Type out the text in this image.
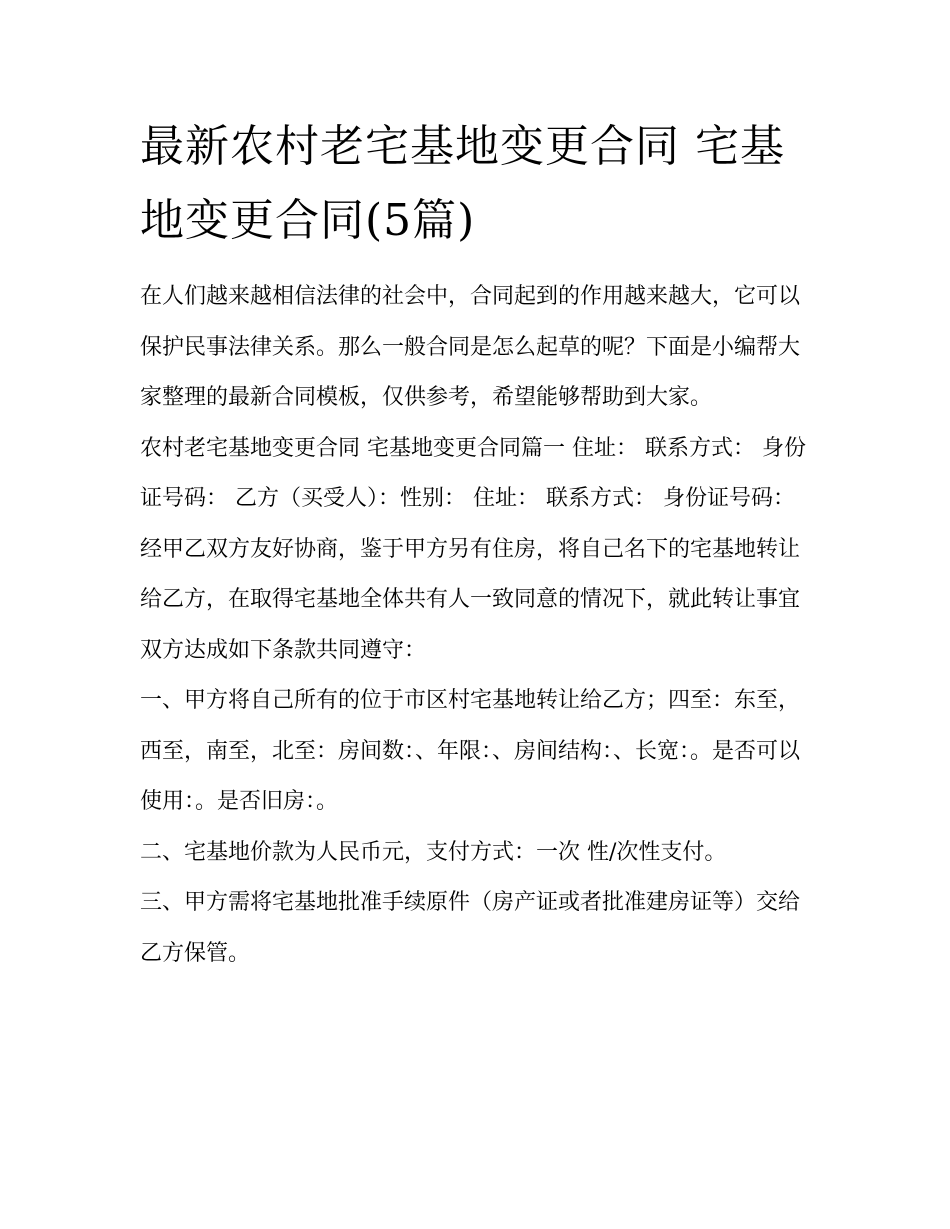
最新农村老宅基地变更合同 宅基地变更合同(5篇)

在人们越来越相信法律的社会中，合同起到的作用越来越大，它可以保护民事法律关系。那么一般合同是怎么起草的呢？下面是小编帮大家整理的最新合同模板，仅供参考，希望能够帮助到大家。

农村老宅基地变更合同 宅基地变更合同篇一 住址： 联系方式： 身份证号码： 乙方（买受人）：性别： 住址： 联系方式： 身份证号码：

经甲乙双方友好协商，鉴于甲方另有住房，将自己名下的宅基地转让给乙方，在取得宅基地全体共有人一致同意的情况下，就此转让事宜双方达成如下条款共同遵守：

一、甲方将自己所有的位于市区村宅基地转让给乙方；四至：东至，西至，南至，北至：房间数：、年限：、房间结构：、长宽：。是否可以使用：。是否旧房：。

二、宅基地价款为人民币元，支付方式：一次 性/次性支付。

三、甲方需将宅基地批准手续原件（房产证或者批准建房证等）交给乙方保管。
